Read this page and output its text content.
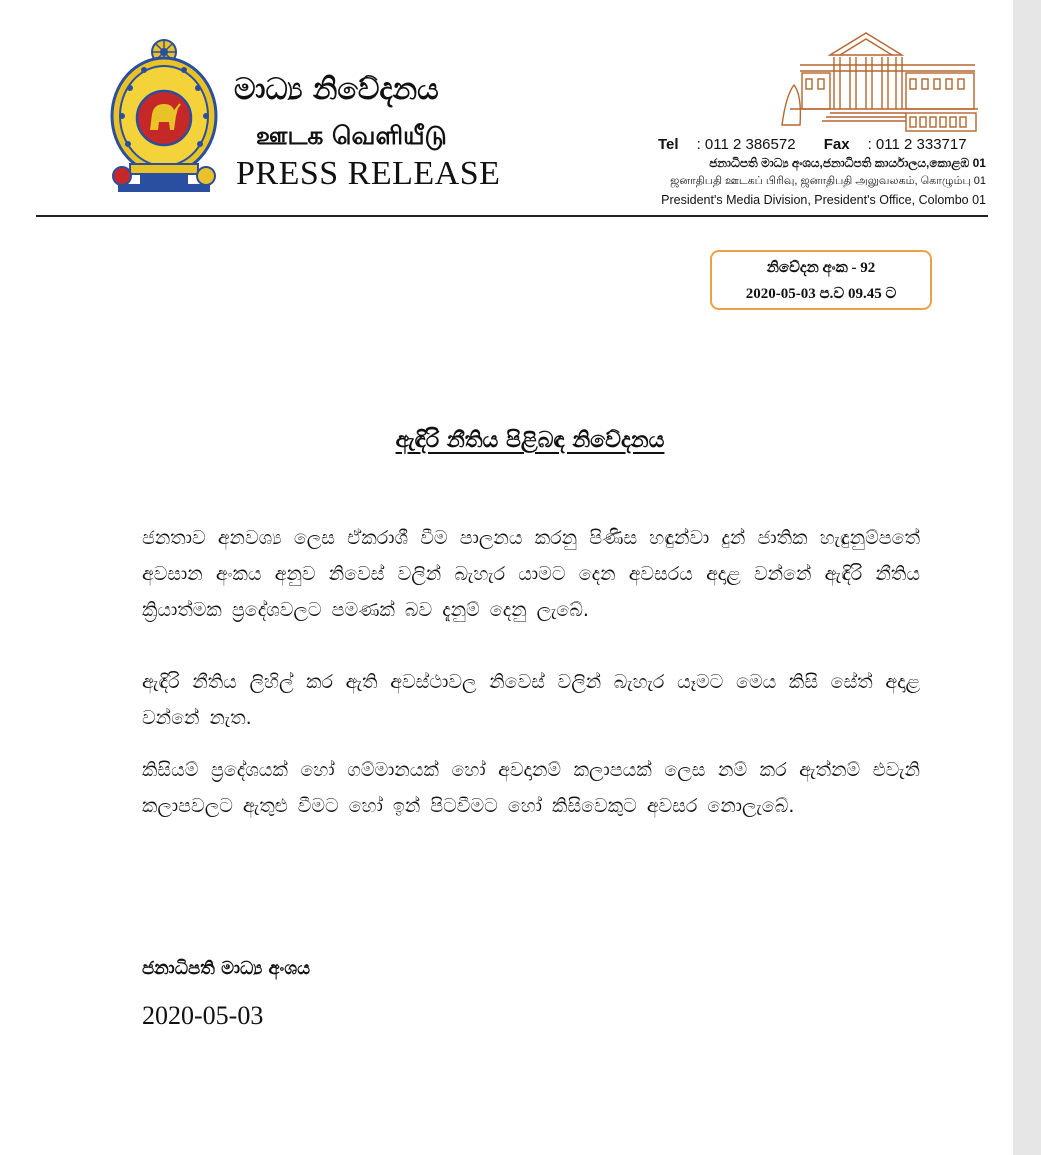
මාධ්‍ය නිවේදනය
ஊடக வெளியீடு
PRESS RELEASE
Tel : 011 2 386572 Fax : 011 2 333717
ජනාධිපති මාධ්‍ය අංශය,ජනාධිපති කාර්යාලය,කොළඹ 01
ஜனாதிபதி ஊடகப் பிரிவு, ஜனாதிபதி அலுவலகம், கொழும்பு 01
President's Media Division, President's Office, Colombo 01
නිවේදන අංක - 92
2020-05-03 ප.ව 09.45 ට
ඇඳිරි නීතිය පිළිබඳ නිවේදනය
ජනතාව අනවශ්‍ය ලෙස ඒකරාශී වීම පාලනය කරනු පිණිස හඳුන්වා දුන් ජාතික හැඳුනුම්පතේ අවසාන අංකය අනුව නිවෙස් වලින් බැහැර යාමට දෙන අවසරය අදාළ වන්නේ ඇඳිරි නීතිය ක්‍රියාත්මක ප්‍රදේශවලට පමණක් බව දැනුම් දෙනු ලැබේ.
ඇඳිරි නීතිය ලිහිල් කර ඇති අවස්ථාවල නිවෙස් වලින් බැහැර යෑමට මෙය කිසි සේත් අදාළ වන්නේ නැත.
කිසියම් ප්‍රදේශයක් හෝ ගම්මානයක් හෝ අවදානම් කලාපයක් ලෙස නම් කර ඇත්නම් එවැනි කලාපවලට ඇතුළු වීමට හෝ ඉන් පිටවීමට හෝ කිසිවෙකුට අවසර නොලැබේ.
ජනාධිපති මාධ්‍ය අංශය
2020-05-03
